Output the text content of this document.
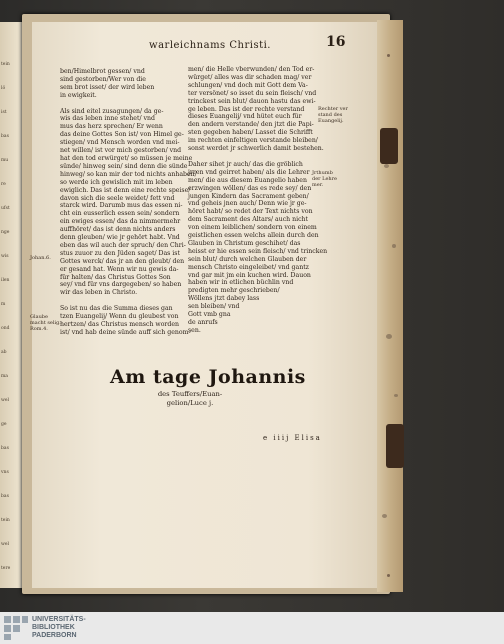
tein
lö
ist
bas
mu
re
ufst
nge
wis
ilen
m
ond
ab
ma
wel
ge
bas
vns
bas
tein
wel
tere
warleichnams Christi.	16
ben/Himelbrot gessen/ vnd
sind gestorben/Wer von die
sem brot isset/ der wird leben
in ewigkeit.

Als sind eitel zusagungen/ da ge-
wis das leben inne stehet/ vnd
mus das herz sprechen/ Er wenn
das deine Gottes Son ist/ von Himel ge-
stiegen/ vnd Mensch worden vnd mei-
net willen/ ist vor mich gestorben/ vnd
hat den tod erwürget/ so müssen je meine
sünde/ hinweg sein/ sind denn die sünde
hinweg/ so kan mir der tod nichts anhaben/
so werde ich gewislich mit im leben
ewiglich. Das ist denn eine rechte speise/
davon sich die seele weidet/ fett vnd
starck wird. Darumb mus das essen ni-
cht ein eusserlich essen sein/ sondern
ein ewiges essen/ das da nimmermehr
auffhöret/ das ist denn nichts anders
denn gleuben/ wie jr gehört habt. Vnd
eben das wil auch der spruch/ den Chri-
stus zuuor zu den Jüden saget/ Das ist
Gottes werck/ das jr an den gleubt/ den
er gesand hat. Wenn wir nu gewis da-
für halten/ das Christus Gottes Son
sey/ vnd für vns dargegeben/ so haben
wir das leben in Christo.

So ist nu das die Summa dieses gan
tzen Euangelij/ Wenn du gleubest von
hertzen/ das Christus mensch worden
ist/ vnd hab deine sünde auff sich genom-
men/ die Helle vberwunden/ den Tod er-
würget/ alles was dir schaden mag/ ver
schlungen/ vnd doch mit Gott dem Va-
ter versönet/ so isset du sein fleisch/ vnd
trinckest sein blut/ dauon hastu das ewi-
ge leben. Das ist der rechte verstand
dieses Euangelij/ vnd hütet euch für
den andern verstande/ den jtzt die Papi-
sten gegeben haben/ Lasset die Schrifft
im rechten einfeltigen verstande bleiben/
sonst werdet jr schwerlich damit bestehen.

Daher sihet jr auch/ das die gröblich
jrren vnd geirret haben/ als die Lehrer
men/ die aus diesem Euangelio haben
erzwingen wöllen/ das es rede sey/ den
jungen Kindern das Sacrament geben/
vnd geheis jnen auch/ Denn wie jr ge-
höret habt/ so redet der Text nichts von
dem Sacrament des Altars/ auch nicht
von einem leiblichen/ sondern von einem
geistlichen essen welchs allein durch den
Glauben in Christum geschihet/ das
heisst er hie essen sein fleisch/ vnd trincken
sein blut/ durch welchen Glauben der
mensch Christo eingeleibet/ vnd gantz
vnd gar mit jm ein kuchen wird. Dauon
haben wir in etlichen büchlin vnd
predigten mehr geschrieben/
Wöllens jtzt dabey lass
sen bleiben/ vnd
Gott vmb gna
de anrufs
sen.
Rechter ver
stand des
Euangelij.
Jrthumb
der Lehre
mer.
Johan.6.
Glaube
macht selig.
Rom.4.
Am tage Johannis
des Teuffers/Euan-
gelion/Luce j.
e iiij Elisa
UNIVERSITÄTS-
BIBLIOTHEK
PADERBORN
